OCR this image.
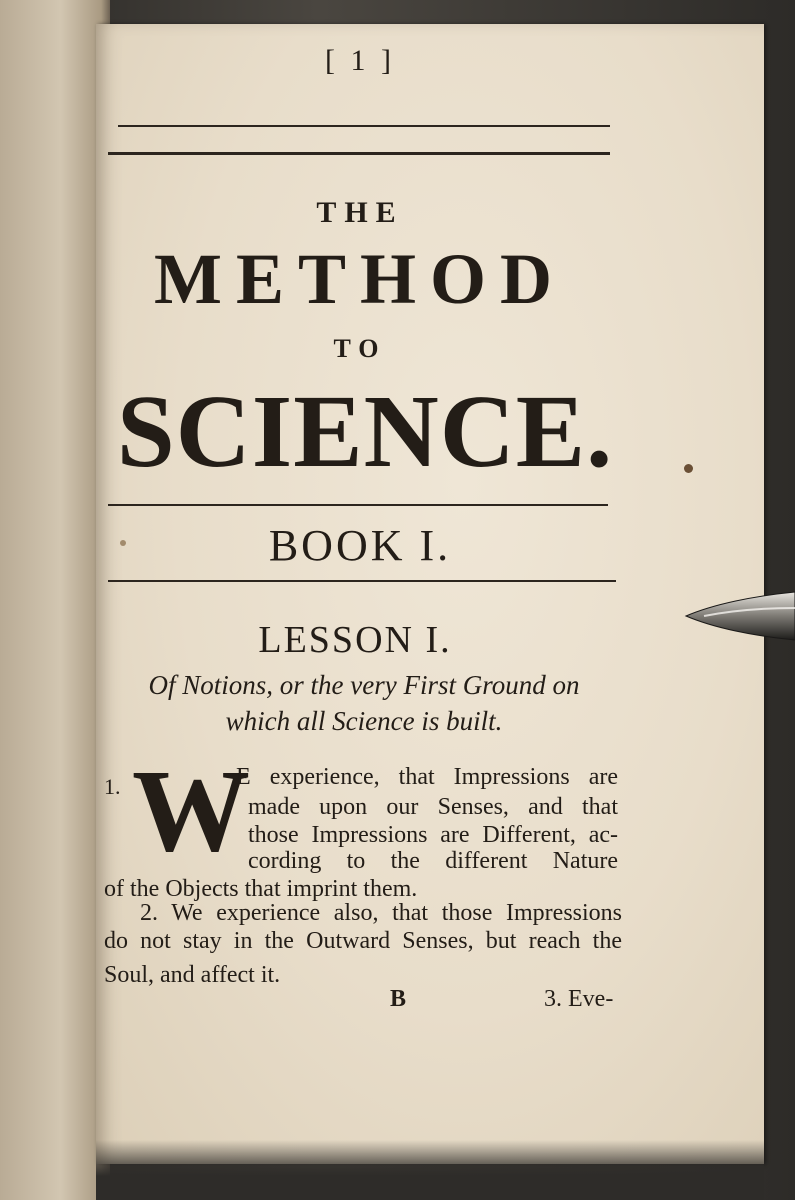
[ 1 ]
THE
METHOD
TO
SCIENCE.
BOOK I.
LESSON I.
Of Notions, or the very First Ground on
which all Science is built.
1. W
E experience, that Impressions are
made upon our Senses, and that
those Impressions are Different, ac-
cording to the different Nature
of the Objects that imprint them.
2. We experience also, that those Impressions
do not stay in the Outward Senses, but reach the
Soul, and affect it.
B	3. Eve-
